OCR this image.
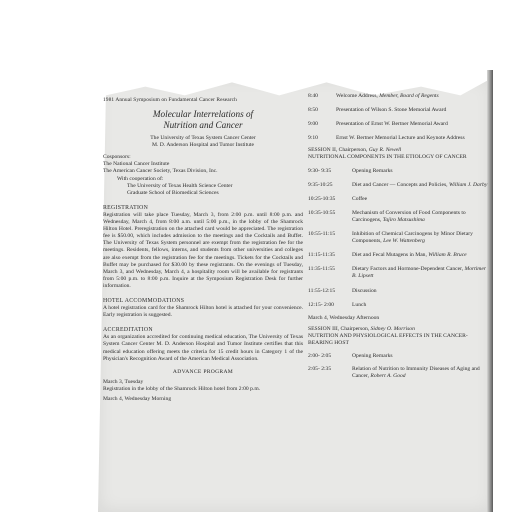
1981 Annual Symposium on Fundamental Cancer Research
Molecular Interrelations of
Nutrition and Cancer
The University of Texas System Cancer Center
M. D. Anderson Hospital and Tumor Institute
Cosponsors:
The National Cancer Institute
The American Cancer Society, Texas Division, Inc.
With cooperation of:
The University of Texas Health Science Center
Graduate School of Biomedical Sciences
REGISTRATION
Registration will take place Tuesday, March 3, from 2:00 p.m. until 8:00 p.m. and Wednesday, March 4, from 8:00 a.m. until 5:00 p.m., in the lobby of the Shamrock Hilton Hotel. Preregistration on the attached card would be appreciated. The registration fee is $50.00, which includes admission to the meetings and the Cocktails and Buffet. The University of Texas System personnel are exempt from the registration fee for the meetings. Residents, fellows, interns, and students from other universities and colleges are also exempt from the registration fee for the meetings. Tickets for the Cocktails and Buffet may be purchased for $30.00 by these registrants. On the evenings of Tuesday, March 3, and Wednesday, March 4, a hospitality room will be available for registrants from 5:00 p.m. to 8:00 p.m. Inquire at the Symposium Registration Desk for further information.
HOTEL ACCOMMODATIONS
A hotel registration card for the Shamrock Hilton hotel is attached for your convenience. Early registration is suggested.
ACCREDITATION
As an organization accredited for continuing medical education, The University of Texas System Cancer Center M. D. Anderson Hospital and Tumor Institute certifies that this medical education offering meets the criteria for 15 credit hours in Category 1 of the Physician's Recognition Award of the American Medical Association.
ADVANCE PROGRAM
March 3, Tuesday
Registration in the lobby of the Shamrock Hilton hotel from 2:00 p.m.
March 4, Wednesday Morning
8:40	Welcome Address, Member, Board of Regents
8:50	Presentation of Wilson S. Stone Memorial Award
9:00	Presentation of Ernst W. Bertner Memorial Award
9:10	Ernst W. Bertner Memorial Lecture and Keynote Address
SESSION II, Chairperson, Guy R. Newell
NUTRITIONAL COMPONENTS IN THE ETIOLOGY OF CANCER
9:30- 9:35	Opening Remarks
9:35-10:25	Diet and Cancer — Concepts and Policies, William J. Darby
10:25-10:35	Coffee
10:35-10:55	Mechanism of Conversion of Food Components to Carcinogens, Tajiro Matsushima
10:55-11:15	Inhibition of Chemical Carcinogens by Minor Dietary Components, Lee W. Wattenberg
11:15-11:35	Diet and Fecal Mutagens in Man, William R. Bruce
11:35-11:55	Dietary Factors and Hormone-Dependent Cancer, Mortimer B. Lipsett
11:55-12:15	Discussion
12:15- 2:00	Lunch
March 4, Wednesday Afternoon
SESSION III, Chairperson, Sidney O. Morrison
NUTRITION AND PHYSIOLOGICAL EFFECTS IN THE CANCER-BEARING HOST
2:00- 2:05	Opening Remarks
2:05- 2:35	Relation of Nutrition to Immunity Diseases of Aging and Cancer, Robert A. Good
